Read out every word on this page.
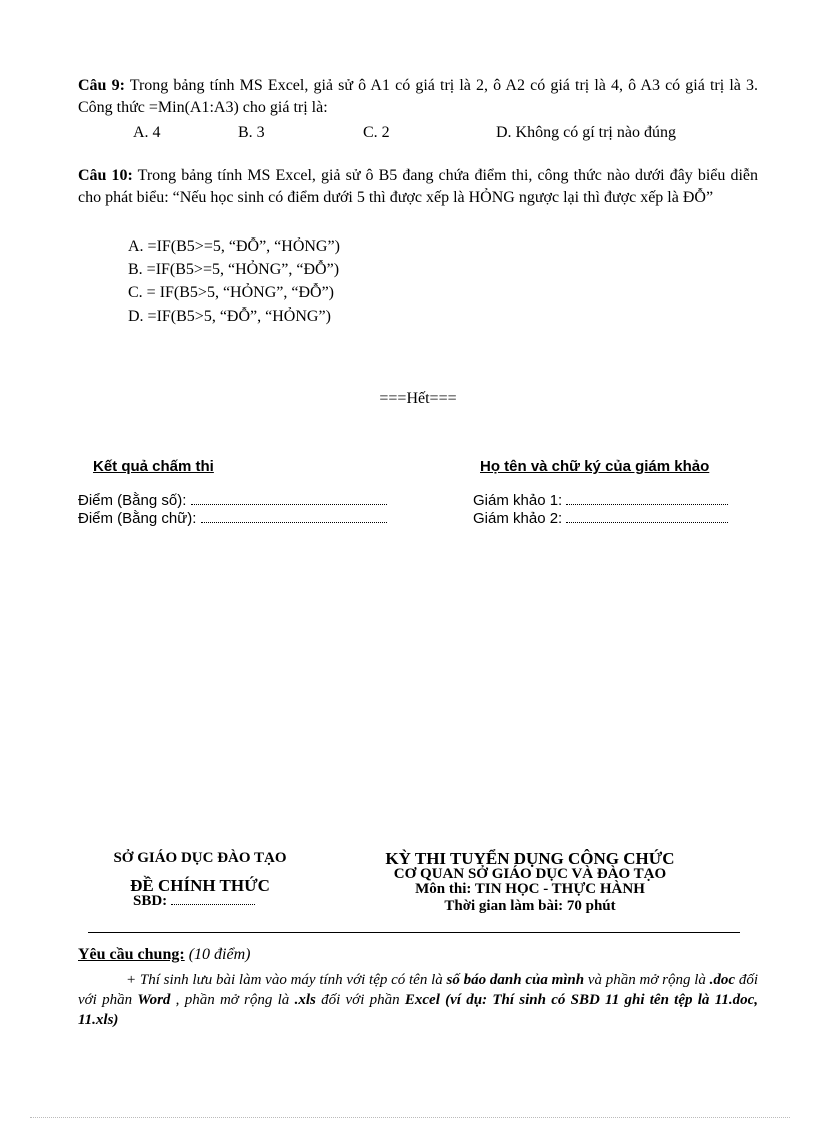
Câu 9: Trong bảng tính MS Excel, giả sử ô A1 có giá trị là 2, ô A2 có giá trị là 4, ô A3 có giá trị là 3. Công thức =Min(A1:A3) cho giá trị là:
A. 4	B. 3	C. 2	D. Không có gí trị nào đúng
Câu 10: Trong bảng tính MS Excel, giả sử ô B5 đang chứa điểm thi, công thức nào dưới đây biểu diễn cho phát biểu: “Nếu học sinh có điểm dưới 5 thì được xếp là HỎNG ngược lại thì được xếp là ĐỖ”
A. =IF(B5>=5, “ĐỖ”, “HỎNG”)
B. =IF(B5>=5, “HỎNG”, “ĐỖ”)
C. = IF(B5>5, “HỎNG”, “ĐỖ”)
D. =IF(B5>5, “ĐỖ”, “HỎNG”)
===Hết===
Kết quả chấm thi	Họ tên và chữ ký của giám khảo
Điểm (Bằng số):
Điểm (Bằng chữ):
Giám khảo 1:
Giám khảo 2:
SỞ GIÁO DỤC ĐÀO TẠO
ĐỀ CHÍNH THỨC
SBD:
KỲ THI TUYỂN DỤNG CÔNG CHỨC
CƠ QUAN SỞ GIÁO DỤC VÀ ĐÀO TẠO
Môn thi: TIN HỌC - THỰC HÀNH
Thời gian làm bài: 70 phút
Yêu cầu chung: (10 điểm)
+ Thí sinh lưu bài làm vào máy tính với tệp có tên là số báo danh của mình và phần mở rộng là .doc đối với phần Word , phần mở rộng là .xls đối với phần Excel (ví dụ: Thí sinh có SBD 11 ghi tên tệp là 11.doc, 11.xls)
